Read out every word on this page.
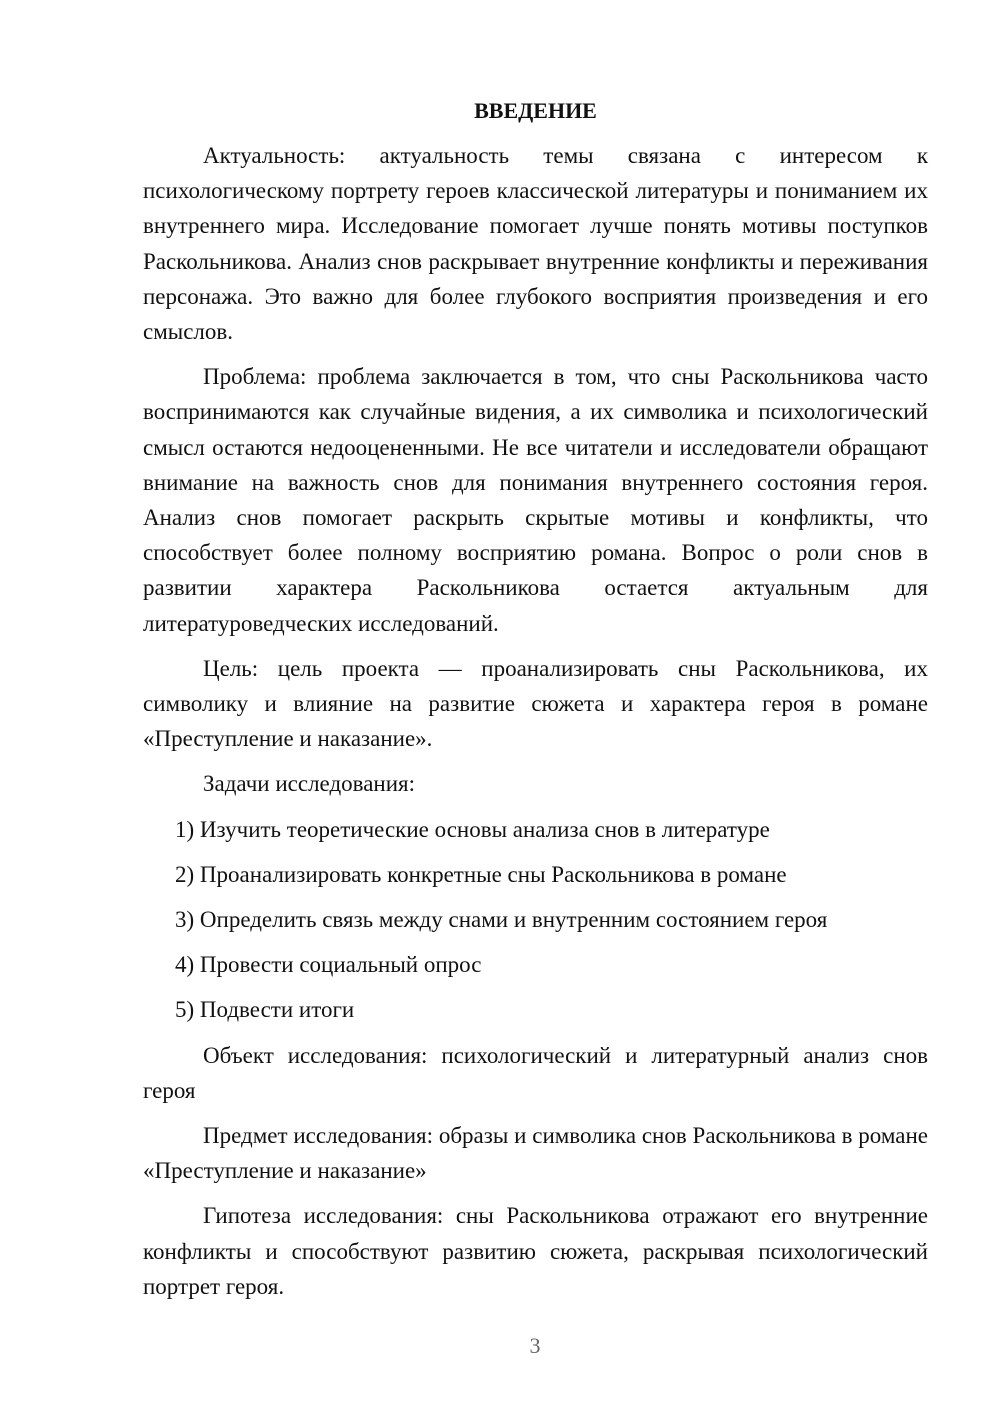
ВВЕДЕНИЕ

Актуальность: актуальность темы связана с интересом к психологическому портрету героев классической литературы и пониманием их внутреннего мира. Исследование помогает лучше понять мотивы поступков Раскольникова. Анализ снов раскрывает внутренние конфликты и переживания персонажа. Это важно для более глубокого восприятия произведения и его смыслов.

Проблема: проблема заключается в том, что сны Раскольникова часто воспринимаются как случайные видения, а их символика и психологический смысл остаются недооцененными. Не все читатели и исследователи обращают внимание на важность снов для понимания внутреннего состояния героя. Анализ снов помогает раскрыть скрытые мотивы и конфликты, что способствует более полному восприятию романа. Вопрос о роли снов в развитии характера Раскольникова остается актуальным для литературоведческих исследований.

Цель: цель проекта — проанализировать сны Раскольникова, их символику и влияние на развитие сюжета и характера героя в романе «Преступление и наказание».

Задачи исследования:

1) Изучить теоретические основы анализа снов в литературе

2) Проанализировать конкретные сны Раскольникова в романе

3) Определить связь между снами и внутренним состоянием героя

4) Провести социальный опрос

5) Подвести итоги

Объект исследования: психологический и литературный анализ снов героя

Предмет исследования: образы и символика снов Раскольникова в романе «Преступление и наказание»

Гипотеза исследования: сны Раскольникова отражают его внутренние конфликты и способствуют развитию сюжета, раскрывая психологический портрет героя.

3
